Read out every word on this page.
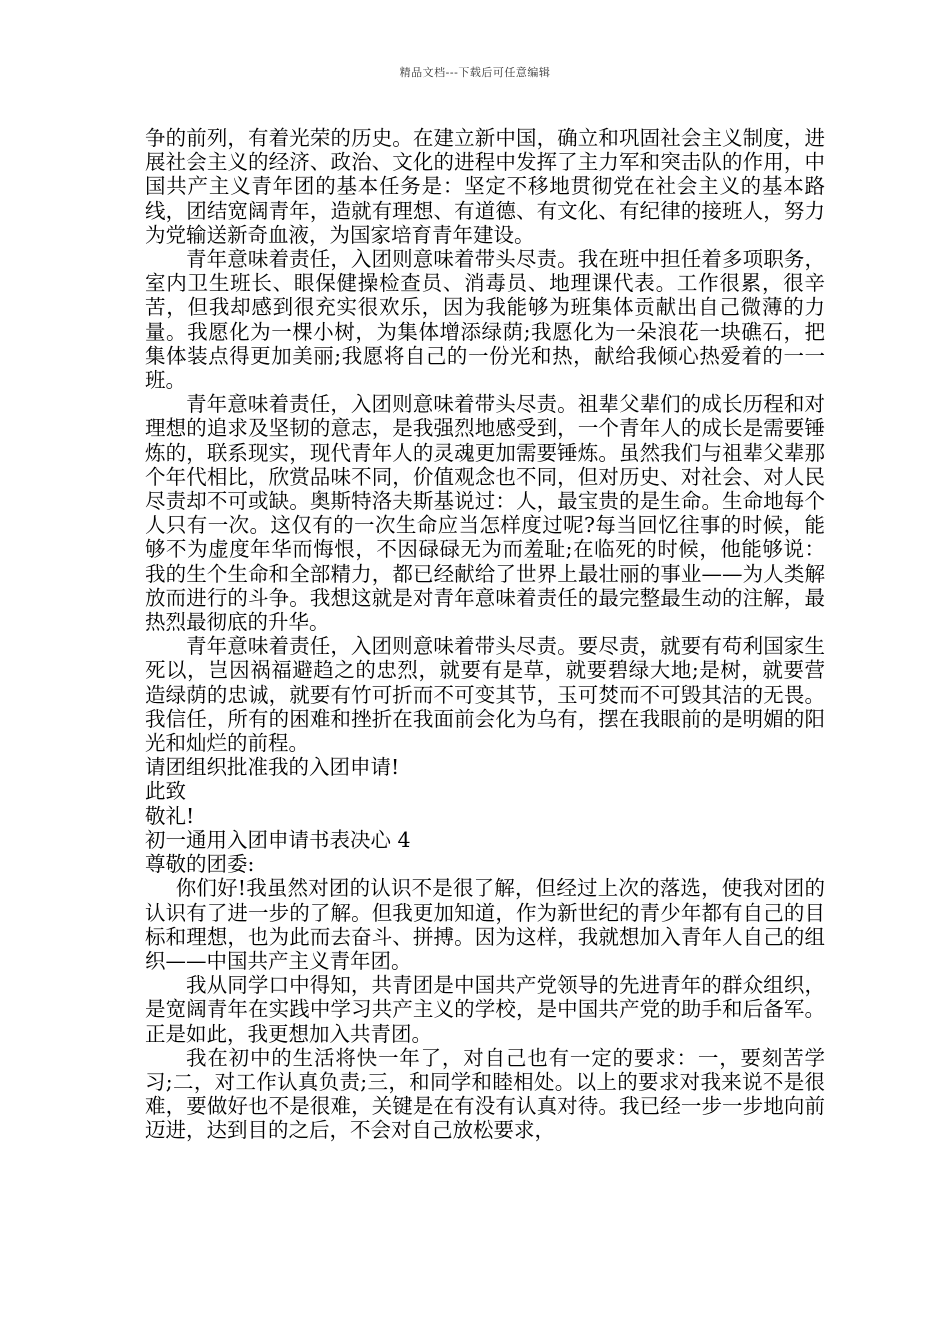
精品文档---下载后可任意编辑

争的前列，有着光荣的历史。在建立新中国，确立和巩固社会主义制度，进展社会主义的经济、政治、文化的进程中发挥了主力军和突击队的作用，中国共产主义青年团的基本任务是：坚定不移地贯彻党在社会主义的基本路线，团结宽阔青年，造就有理想、有道德、有文化、有纪律的接班人，努力为党输送新奇血液，为国家培育青年建设。

青年意味着责任，入团则意味着带头尽责。我在班中担任着多项职务，室内卫生班长、眼保健操检查员、消毒员、地理课代表。工作很累，很辛苦，但我却感到很充实很欢乐，因为我能够为班集体贡献出自己微薄的力量。我愿化为一棵小树，为集体增添绿荫;我愿化为一朵浪花一块礁石，把集体装点得更加美丽;我愿将自己的一份光和热，献给我倾心热爱着的一一班。

青年意味着责任，入团则意味着带头尽责。祖辈父辈们的成长历程和对理想的追求及坚韧的意志，是我强烈地感受到，一个青年人的成长是需要锤炼的，联系现实，现代青年人的灵魂更加需要锤炼。虽然我们与祖辈父辈那个年代相比，欣赏品味不同，价值观念也不同，但对历史、对社会、对人民尽责却不可或缺。奥斯特洛夫斯基说过：人，最宝贵的是生命。生命地每个人只有一次。这仅有的一次生命应当怎样度过呢?每当回忆往事的时候，能够不为虚度年华而悔恨，不因碌碌无为而羞耻;在临死的时候，他能够说：我的生个生命和全部精力，都已经献给了世界上最壮丽的事业——为人类解放而进行的斗争。我想这就是对青年意味着责任的最完整最生动的注解，最热烈最彻底的升华。

青年意味着责任，入团则意味着带头尽责。要尽责，就要有苟利国家生死以，岂因祸福避趋之的忠烈，就要有是草，就要碧绿大地;是树，就要营造绿荫的忠诚，就要有竹可折而不可变其节，玉可焚而不可毁其洁的无畏。我信任，所有的困难和挫折在我面前会化为乌有，摆在我眼前的是明媚的阳光和灿烂的前程。

请团组织批准我的入团申请!

此致

敬礼!

初一通用入团申请书表决心 4

尊敬的团委:

你们好!我虽然对团的认识不是很了解，但经过上次的落选，使我对团的认识有了进一步的了解。但我更加知道，作为新世纪的青少年都有自己的目标和理想，也为此而去奋斗、拼搏。因为这样，我就想加入青年人自己的组织——中国共产主义青年团。

我从同学口中得知，共青团是中国共产党领导的先进青年的群众组织，是宽阔青年在实践中学习共产主义的学校，是中国共产党的助手和后备军。正是如此，我更想加入共青团。

我在初中的生活将快一年了，对自己也有一定的要求：一，要刻苦学习;二，对工作认真负责;三，和同学和睦相处。以上的要求对我来说不是很难，要做好也不是很难，关键是在有没有认真对待。我已经一步一步地向前迈进，达到目的之后，不会对自己放松要求，
